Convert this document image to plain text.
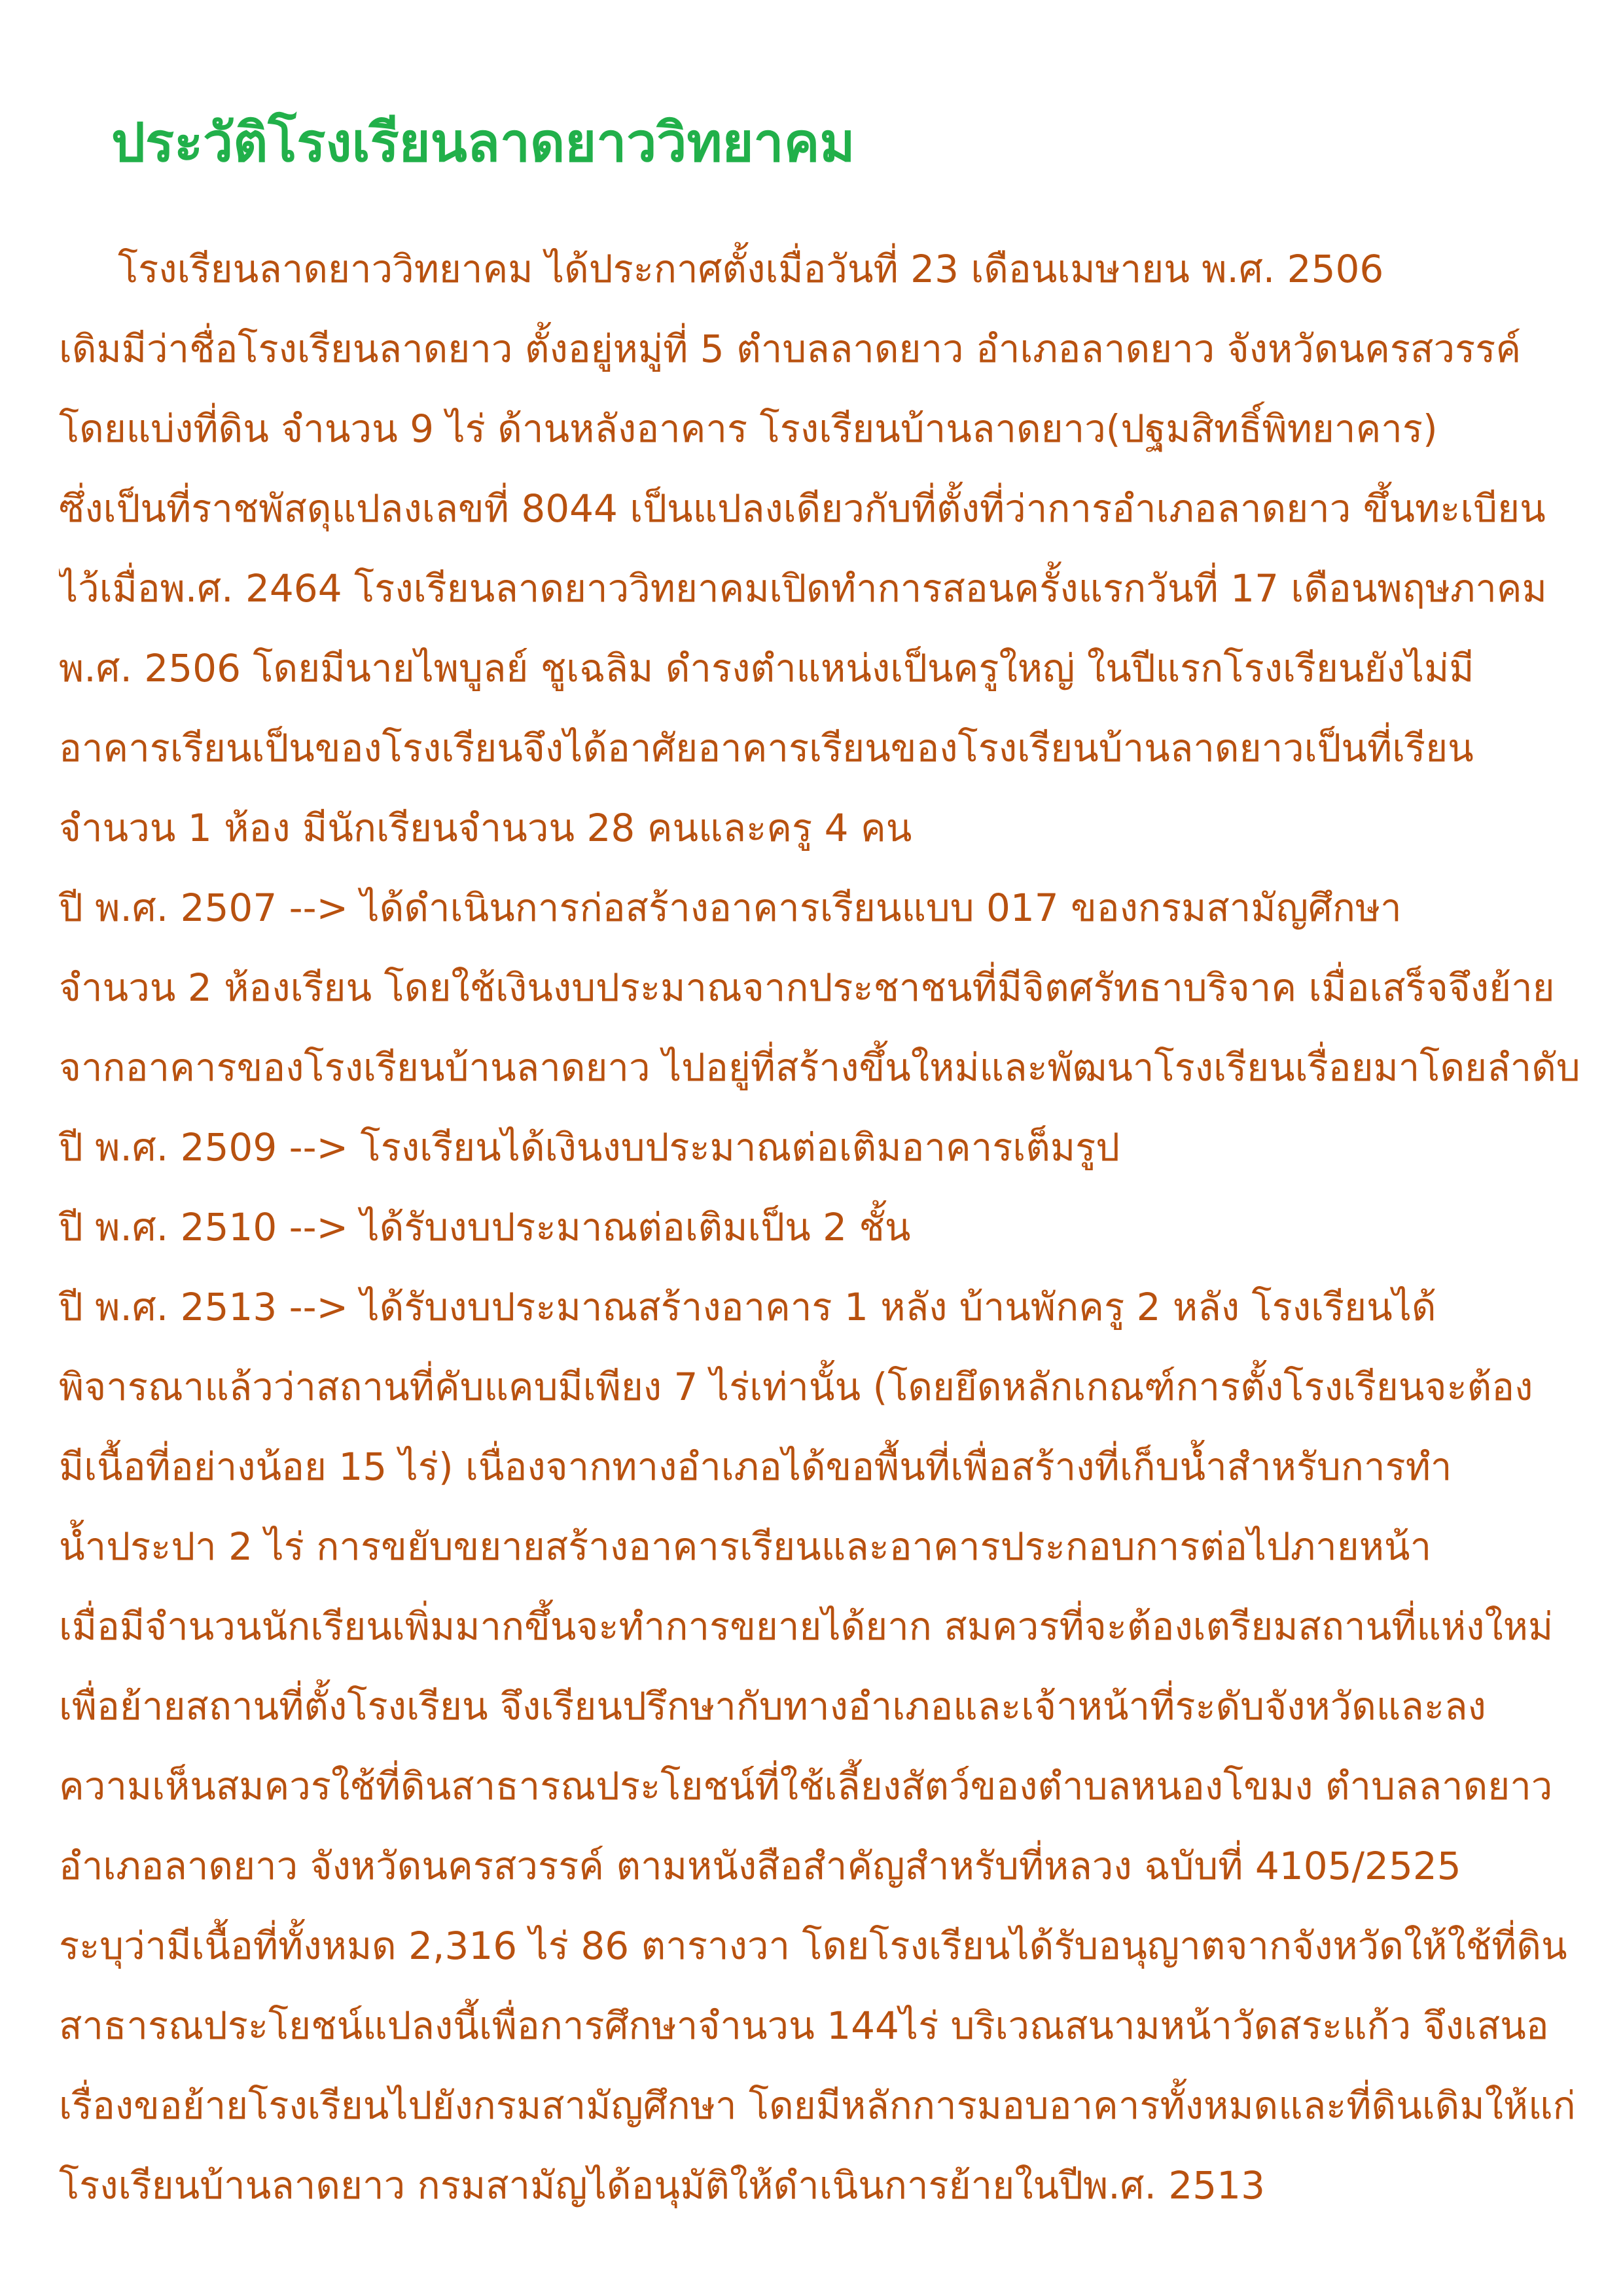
ประวัติโรงเรียนลาดยาววิทยาคม
โรงเรียนลาดยาววิทยาคม ได้ประกาศตั้งเมื่อวันที่ 23 เดือนเมษายน พ.ศ. 2506
เดิมมีว่าชื่อโรงเรียนลาดยาว ตั้งอยู่หมู่ที่ 5 ตำบลลาดยาว อำเภอลาดยาว จังหวัดนครสวรรค์
โดยแบ่งที่ดิน จำนวน 9 ไร่ ด้านหลังอาคาร โรงเรียนบ้านลาดยาว(ปฐมสิทธิ์พิทยาคาร)
ซึ่งเป็นที่ราชพัสดุแปลงเลขที่ 8044 เป็นแปลงเดียวกับที่ตั้งที่ว่าการอำเภอลาดยาว ขึ้นทะเบียน
ไว้เมื่อพ.ศ. 2464 โรงเรียนลาดยาววิทยาคมเปิดทำการสอนครั้งแรกวันที่ 17 เดือนพฤษภาคม
พ.ศ. 2506 โดยมีนายไพบูลย์ ชูเฉลิม ดำรงตำแหน่งเป็นครูใหญ่ ในปีแรกโรงเรียนยังไม่มี
อาคารเรียนเป็นของโรงเรียนจึงได้อาศัยอาคารเรียนของโรงเรียนบ้านลาดยาวเป็นที่เรียน
จำนวน 1 ห้อง มีนักเรียนจำนวน 28 คนและครู 4 คน
ปี พ.ศ. 2507 --> ได้ดำเนินการก่อสร้างอาคารเรียนแบบ 017 ของกรมสามัญศึกษา
จำนวน 2 ห้องเรียน โดยใช้เงินงบประมาณจากประชาชนที่มีจิตศรัทธาบริจาค เมื่อเสร็จจึงย้าย
จากอาคารของโรงเรียนบ้านลาดยาว ไปอยู่ที่สร้างขึ้นใหม่และพัฒนาโรงเรียนเรื่อยมาโดยลำดับ
ปี พ.ศ. 2509 --> โรงเรียนได้เงินงบประมาณต่อเติมอาคารเต็มรูป
ปี พ.ศ. 2510 --> ได้รับงบประมาณต่อเติมเป็น 2 ชั้น
ปี พ.ศ. 2513 --> ได้รับงบประมาณสร้างอาคาร 1 หลัง บ้านพักครู 2 หลัง โรงเรียนได้
พิจารณาแล้วว่าสถานที่คับแคบมีเพียง 7 ไร่เท่านั้น (โดยยึดหลักเกณฑ์การตั้งโรงเรียนจะต้อง
มีเนื้อที่อย่างน้อย 15 ไร่) เนื่องจากทางอำเภอได้ขอพื้นที่เพื่อสร้างที่เก็บน้ำสำหรับการทำ
น้ำประปา 2 ไร่ การขยับขยายสร้างอาคารเรียนและอาคารประกอบการต่อไปภายหน้า
เมื่อมีจำนวนนักเรียนเพิ่มมากขึ้นจะทำการขยายได้ยาก สมควรที่จะต้องเตรียมสถานที่แห่งใหม่
เพื่อย้ายสถานที่ตั้งโรงเรียน จึงเรียนปรึกษากับทางอำเภอและเจ้าหน้าที่ระดับจังหวัดและลง
ความเห็นสมควรใช้ที่ดินสาธารณประโยชน์ที่ใช้เลี้ยงสัตว์ของตำบลหนองโขมง ตำบลลาดยาว
อำเภอลาดยาว จังหวัดนครสวรรค์ ตามหนังสือสำคัญสำหรับที่หลวง ฉบับที่ 4105/2525
ระบุว่ามีเนื้อที่ทั้งหมด 2,316 ไร่ 86 ตารางวา โดยโรงเรียนได้รับอนุญาตจากจังหวัดให้ใช้ที่ดิน
สาธารณประโยชน์แปลงนี้เพื่อการศึกษาจำนวน 144ไร่ บริเวณสนามหน้าวัดสระแก้ว จึงเสนอ
เรื่องขอย้ายโรงเรียนไปยังกรมสามัญศึกษา โดยมีหลักการมอบอาคารทั้งหมดและที่ดินเดิมให้แก่
โรงเรียนบ้านลาดยาว กรมสามัญได้อนุมัติให้ดำเนินการย้ายในปีพ.ศ. 2513
